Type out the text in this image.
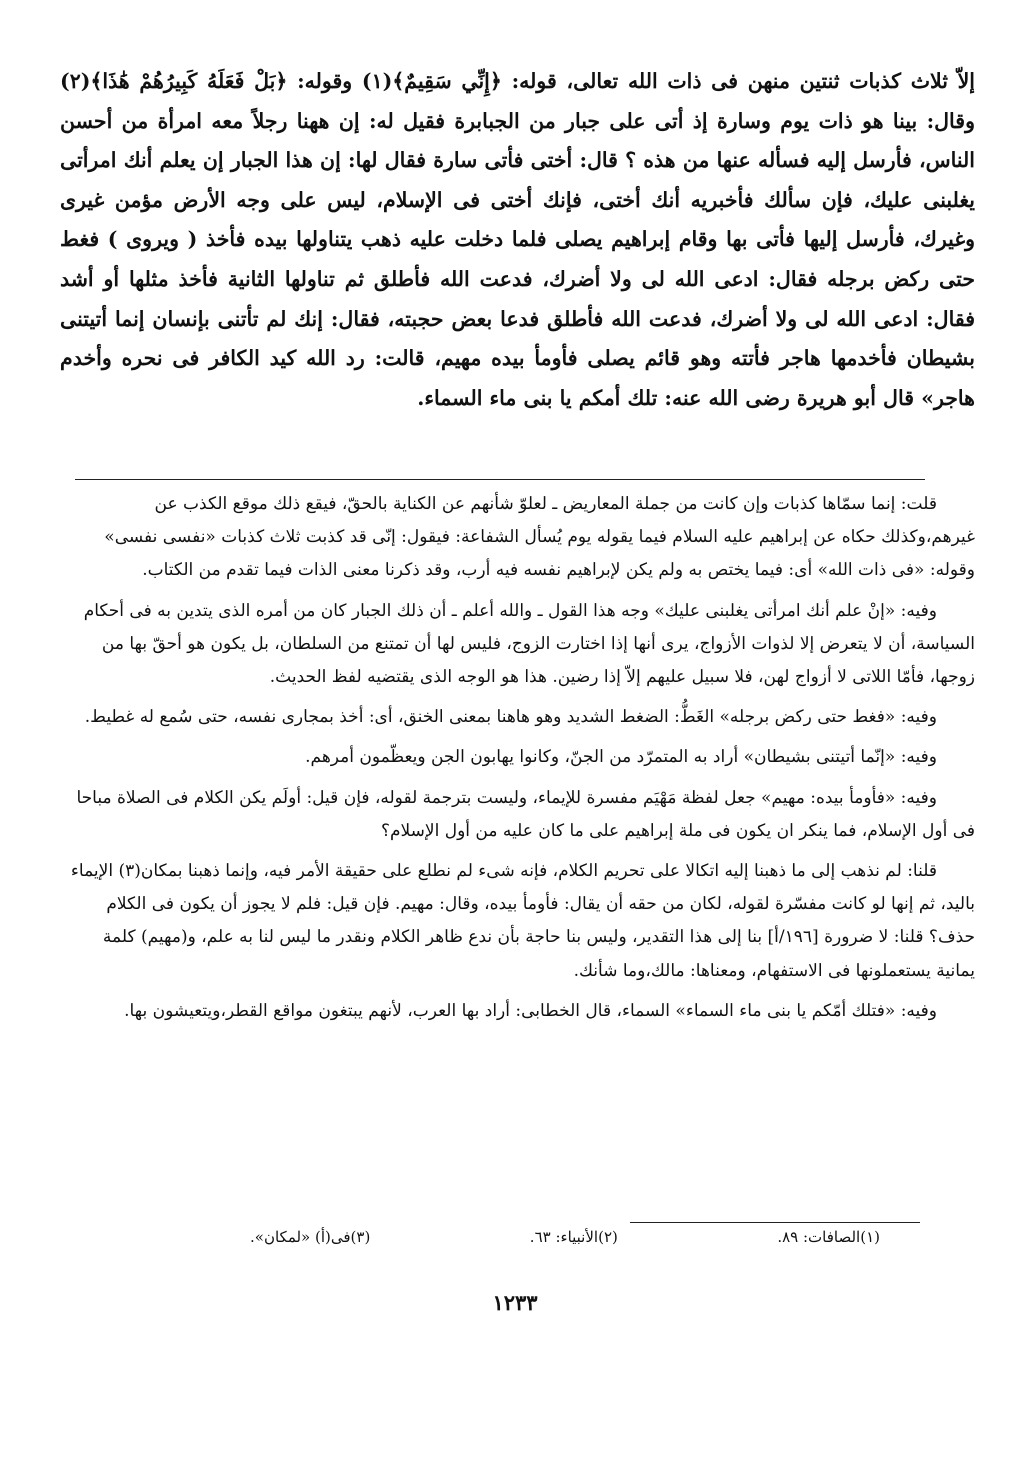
إلاّ ثلاث كذبات ثنتين منهن فى ذات الله تعالى، قوله: ﴿إِنِّي سَقِيمٌ﴾(١) وقوله: ﴿بَلْ فَعَلَهُ كَبِيرُهُمْ هَٰذَا﴾(٢) وقال: بينا هو ذات يوم وسارة إذ أتى على جبار من الجبابرة فقيل له: إن ههنا رجلاً معه امرأة من أحسن الناس، فأرسل إليه فسأله عنها من هذه ؟ قال: أختى فأتى سارة فقال لها: إن هذا الجبار إن يعلم أنك امرأتى يغلبنى عليك، فإن سألك فأخبريه أنك أختى، فإنك أختى فى الإسلام، ليس على وجه الأرض مؤمن غيرى وغيرك، فأرسل إليها فأتى بها وقام إبراهيم يصلى فلما دخلت عليه ذهب يتناولها بيده فأخذ ( ويروى ) فغط حتى ركض برجله فقال: ادعى الله لى ولا أضرك، فدعت الله فأطلق ثم تناولها الثانية فأخذ مثلها أو أشد فقال: ادعى الله لى ولا أضرك، فدعت الله فأطلق فدعا بعض حجبته، فقال: إنك لم تأتنى بإنسان إنما أتيتنى بشيطان فأخدمها هاجر فأتته وهو قائم يصلى فأومأ بيده مهيم، قالت: رد الله كيد الكافر فى نحره وأخدم هاجر» قال أبو هريرة رضى الله عنه: تلك أمكم يا بنى ماء السماء.

قلت: إنما سمّاها كذبات وإن كانت من جملة المعاريض ـ لعلوّ شأنهم عن الكناية بالحقّ، فيقع ذلك موقع الكذب عن غيرهم،وكذلك حكاه عن إبراهيم عليه السلام فيما يقوله يوم يُسأل الشفاعة: فيقول: إنّى قد كذبت ثلاث كذبات «نفسى نفسى» وقوله: «فى ذات الله» أى: فيما يختص به ولم يكن لإبراهيم نفسه فيه أرب، وقد ذكرنا معنى الذات فيما تقدم من الكتاب.

وفيه: «إنْ علم أنك امرأتى يغلبنى عليك» وجه هذا القول ـ والله أعلم ـ أن ذلك الجبار كان من أمره الذى يتدين به فى أحكام السياسة، أن لا يتعرض إلا لذوات الأزواج، يرى أنها إذا اختارت الزوج، فليس لها أن تمتنع من السلطان، بل يكون هو أحقّ بها من زوجها، فأمّا اللاتى لا أزواج لهن، فلا سبيل عليهم إلاّ إذا رضين. هذا هو الوجه الذى يقتضيه لفظ الحديث.

وفيه: «فغط حتى ركض برجله» الغَطُّ: الضغط الشديد وهو هاهنا بمعنى الخنق، أى: أخذ بمجارى نفسه، حتى سُمع له غطيط.

وفيه: «إنّما أتيتنى بشيطان» أراد به المتمرّد من الجنّ، وكانوا يهابون الجن ويعظّمون أمرهم.

وفيه: «فأومأ بيده: مهيم» جعل لفظة مَهْيَم مفسرة للإيماء، وليست بترجمة لقوله، فإن قيل: أولَم يكن الكلام فى الصلاة مباحا فى أول الإسلام، فما ينكر ان يكون فى ملة إبراهيم على ما كان عليه من أول الإسلام؟

قلنا: لم نذهب إلى ما ذهبنا إليه اتكالا على تحريم الكلام، فإنه شىء لم نطلع على حقيقة الأمر فيه، وإنما ذهبنا بمكان(٣) الإيماء باليد، ثم إنها لو كانت مفسّرة لقوله، لكان من حقه أن يقال: فأومأ بيده، وقال: مهيم. فإن قيل: فلم لا يجوز أن يكون فى الكلام حذف؟ قلنا: لا ضرورة [١٩٦/أ] بنا إلى هذا التقدير، وليس بنا حاجة بأن ندع ظاهر الكلام ونقدر ما ليس لنا به علم، و(مهيم) كلمة يمانية يستعملونها فى الاستفهام، ومعناها: مالك،وما شأنك.

وفيه: «فتلك أمّكم يا بنى ماء السماء» السماء، قال الخطابى: أراد بها العرب، لأنهم يبتغون مواقع القطر،ويتعيشون بها.

(١)الصافات: ٨٩.
(٢)الأنبياء: ٦٣.
(٣)فى(أ) «لمكان».
١٢٣٣
